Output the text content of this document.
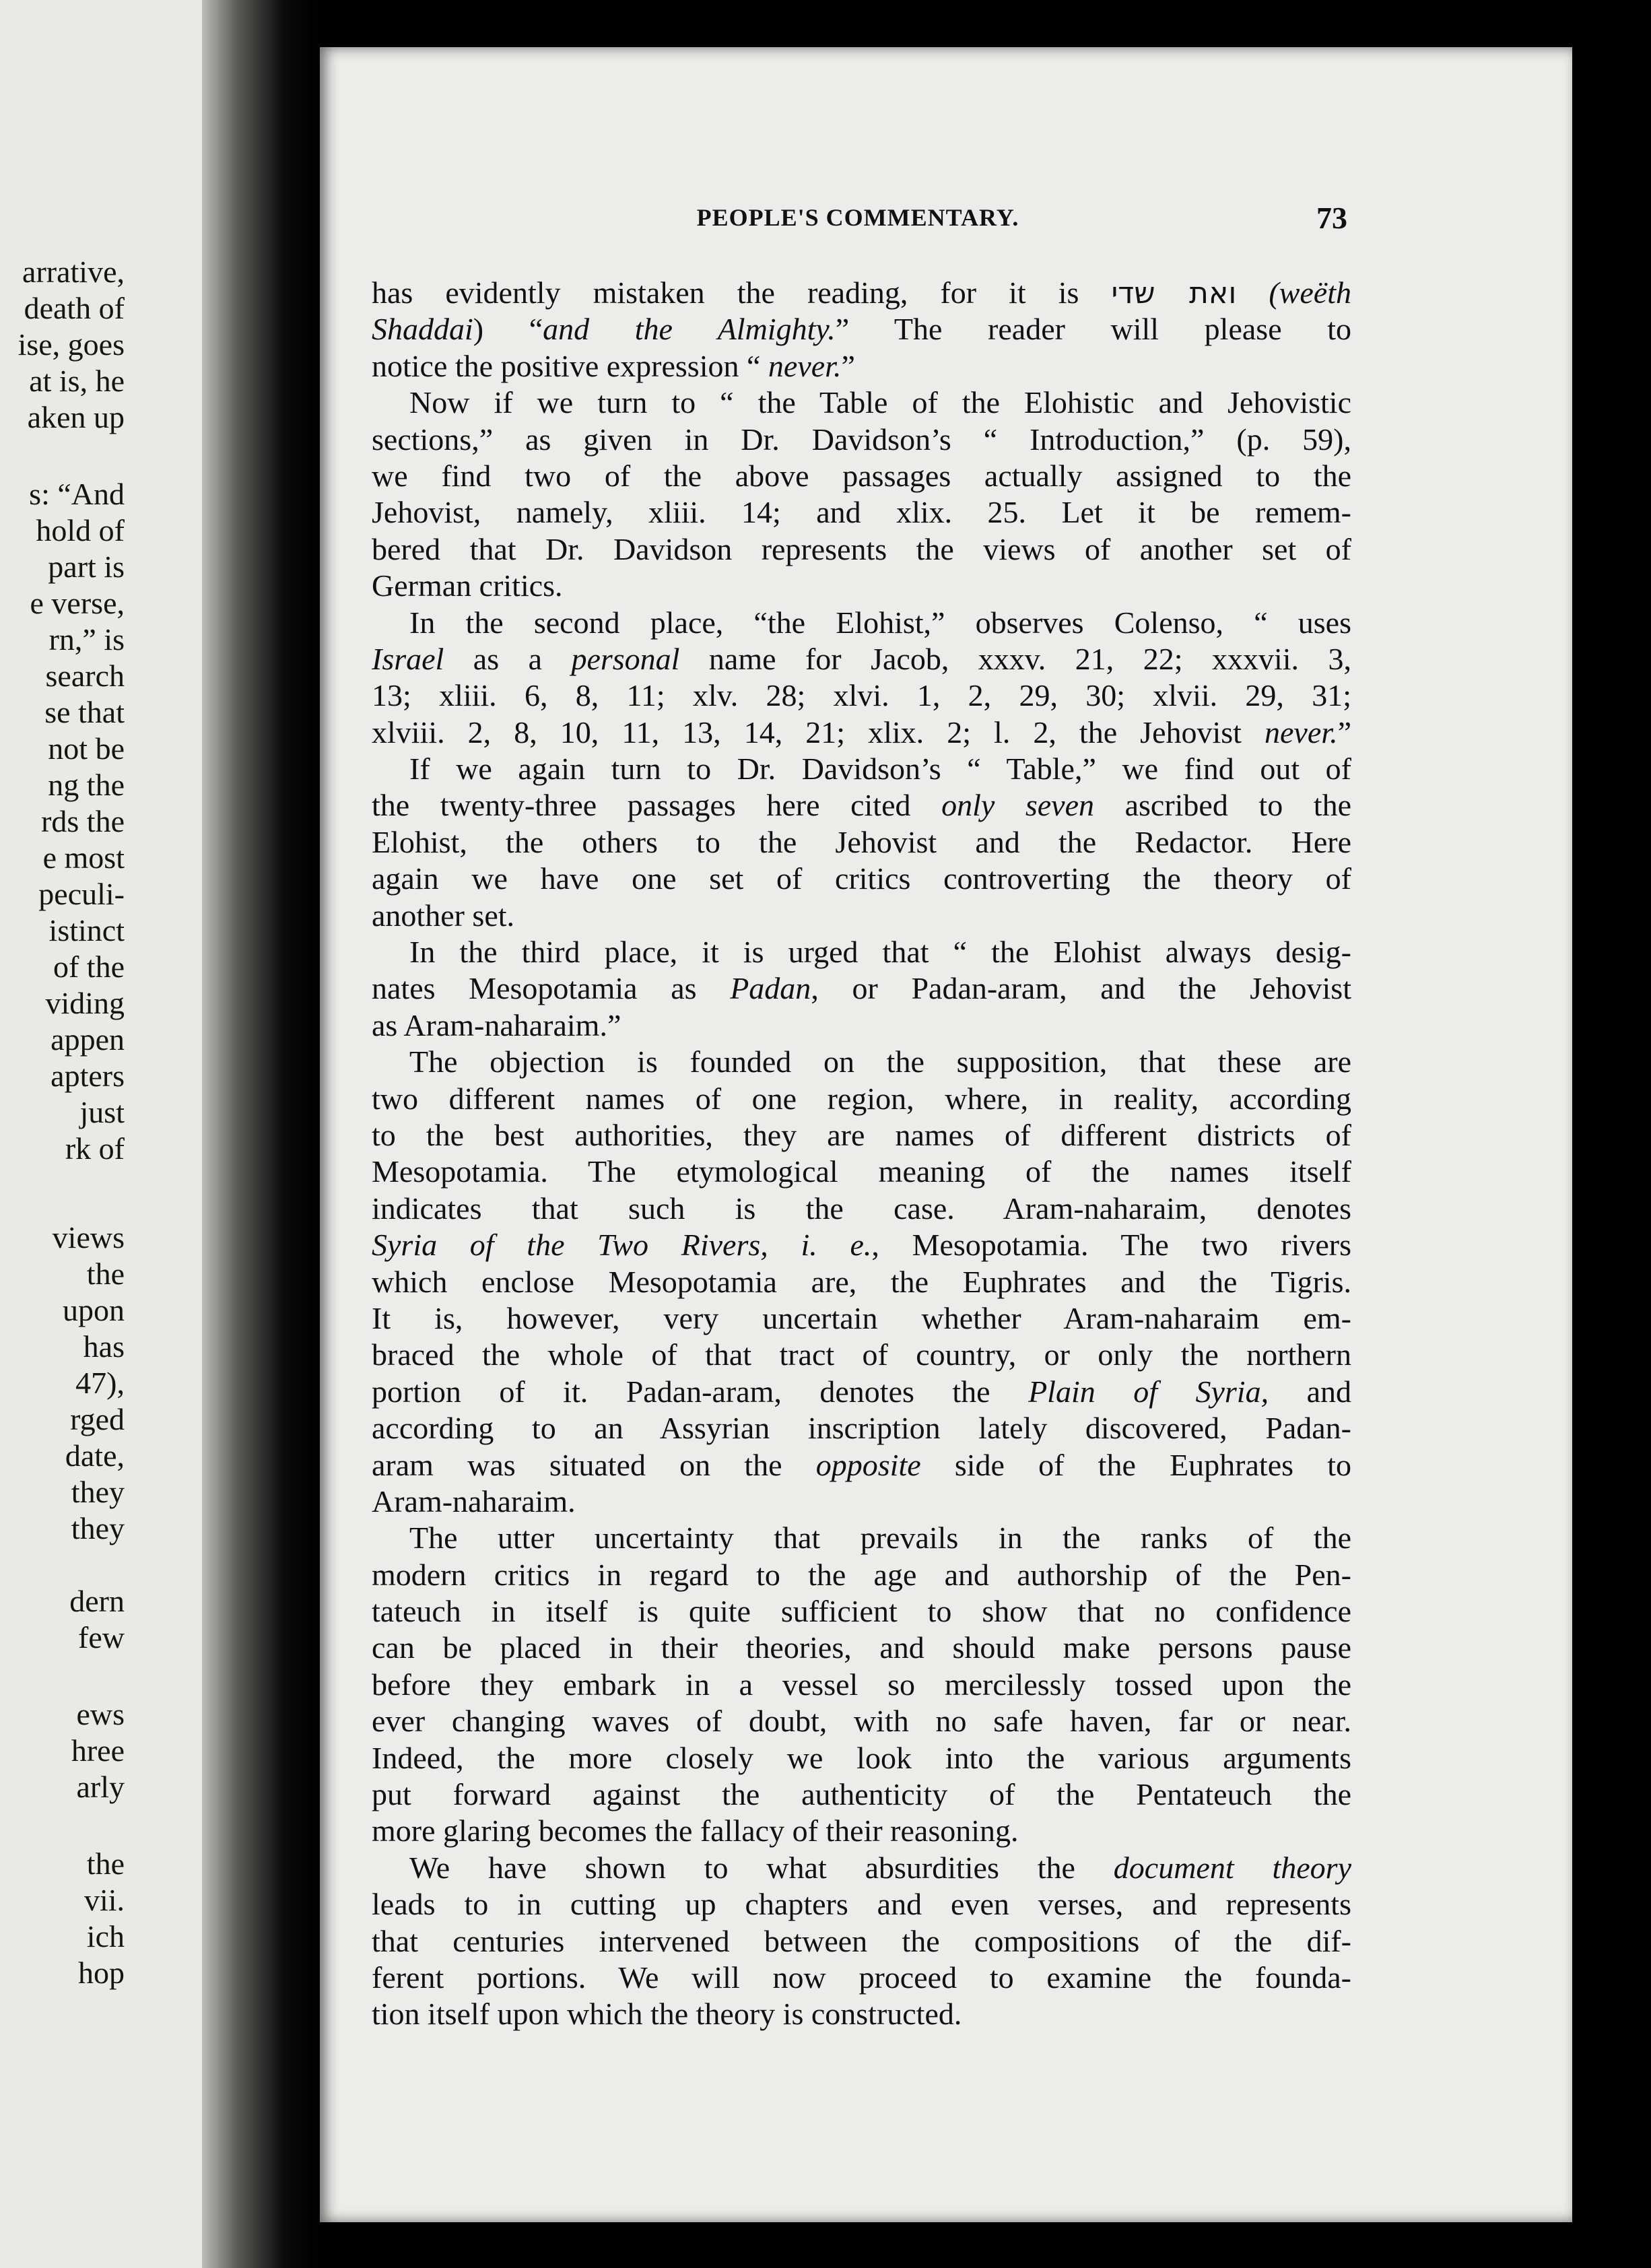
arrative,
death of
ise, goes
at is, he
aken up
s: “And
hold of
part is
e verse,
rn,” is
search
se that
not be
ng the
rds the
e most
peculi-
istinct
of the
viding
appen
apters
just
rk of
views
the
upon
has
47),
rged
date,
they
they
dern
few
ews
hree
arly
the
vii.
ich
hop
PEOPLE'S COMMENTARY.	73
has evidently mistaken the reading, for it is ואת שדי (weëth
Shaddai) “and the Almighty.” The reader will please to
notice the positive expression “ never.”
Now if we turn to “ the Table of the Elohistic and Jehovistic
sections,” as given in Dr. Davidson’s “ Introduction,” (p. 59),
we find two of the above passages actually assigned to the
Jehovist, namely, xliii. 14; and xlix. 25. Let it be remem-
bered that Dr. Davidson represents the views of another set of
German critics.
In the second place, “the Elohist,” observes Colenso, “ uses
Israel as a personal name for Jacob, xxxv. 21, 22; xxxvii. 3,
13; xliii. 6, 8, 11; xlv. 28; xlvi. 1, 2, 29, 30; xlvii. 29, 31;
xlviii. 2, 8, 10, 11, 13, 14, 21; xlix. 2; l. 2, the Jehovist never.”
If we again turn to Dr. Davidson’s “ Table,” we find out of
the twenty-three passages here cited only seven ascribed to the
Elohist, the others to the Jehovist and the Redactor. Here
again we have one set of critics controverting the theory of
another set.
In the third place, it is urged that “ the Elohist always desig-
nates Mesopotamia as Padan, or Padan-aram, and the Jehovist
as Aram-naharaim.”
The objection is founded on the supposition, that these are
two different names of one region, where, in reality, according
to the best authorities, they are names of different districts of
Mesopotamia. The etymological meaning of the names itself
indicates that such is the case. Aram-naharaim, denotes
Syria of the Two Rivers, i. e., Mesopotamia. The two rivers
which enclose Mesopotamia are, the Euphrates and the Tigris.
It is, however, very uncertain whether Aram-naharaim em-
braced the whole of that tract of country, or only the northern
portion of it. Padan-aram, denotes the Plain of Syria, and
according to an Assyrian inscription lately discovered, Padan-
aram was situated on the opposite side of the Euphrates to
Aram-naharaim.
The utter uncertainty that prevails in the ranks of the
modern critics in regard to the age and authorship of the Pen-
tateuch in itself is quite sufficient to show that no confidence
can be placed in their theories, and should make persons pause
before they embark in a vessel so mercilessly tossed upon the
ever changing waves of doubt, with no safe haven, far or near.
Indeed, the more closely we look into the various arguments
put forward against the authenticity of the Pentateuch the
more glaring becomes the fallacy of their reasoning.
We have shown to what absurdities the document theory
leads to in cutting up chapters and even verses, and represents
that centuries intervened between the compositions of the dif-
ferent portions. We will now proceed to examine the founda-
tion itself upon which the theory is constructed.
